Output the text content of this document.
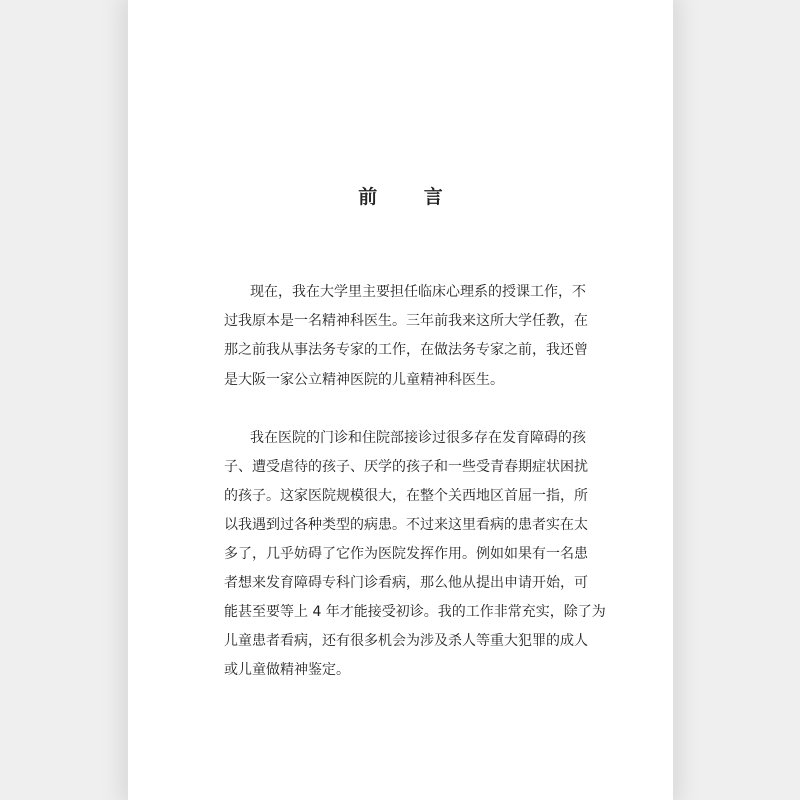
前 言
现在，我在大学里主要担任临床心理系的授课工作，不
过我原本是一名精神科医生。三年前我来这所大学任教，在
那之前我从事法务专家的工作，在做法务专家之前，我还曾
是大阪一家公立精神医院的儿童精神科医生。
我在医院的门诊和住院部接诊过很多存在发育障碍的孩
子、遭受虐待的孩子、厌学的孩子和一些受青春期症状困扰
的孩子。这家医院规模很大，在整个关西地区首屈一指，所
以我遇到过各种类型的病患。不过来这里看病的患者实在太
多了，几乎妨碍了它作为医院发挥作用。例如如果有一名患
者想来发育障碍专科门诊看病，那么他从提出申请开始，可
能甚至要等上 4 年才能接受初诊。我的工作非常充实，除了为
儿童患者看病，还有很多机会为涉及杀人等重大犯罪的成人
或儿童做精神鉴定。
